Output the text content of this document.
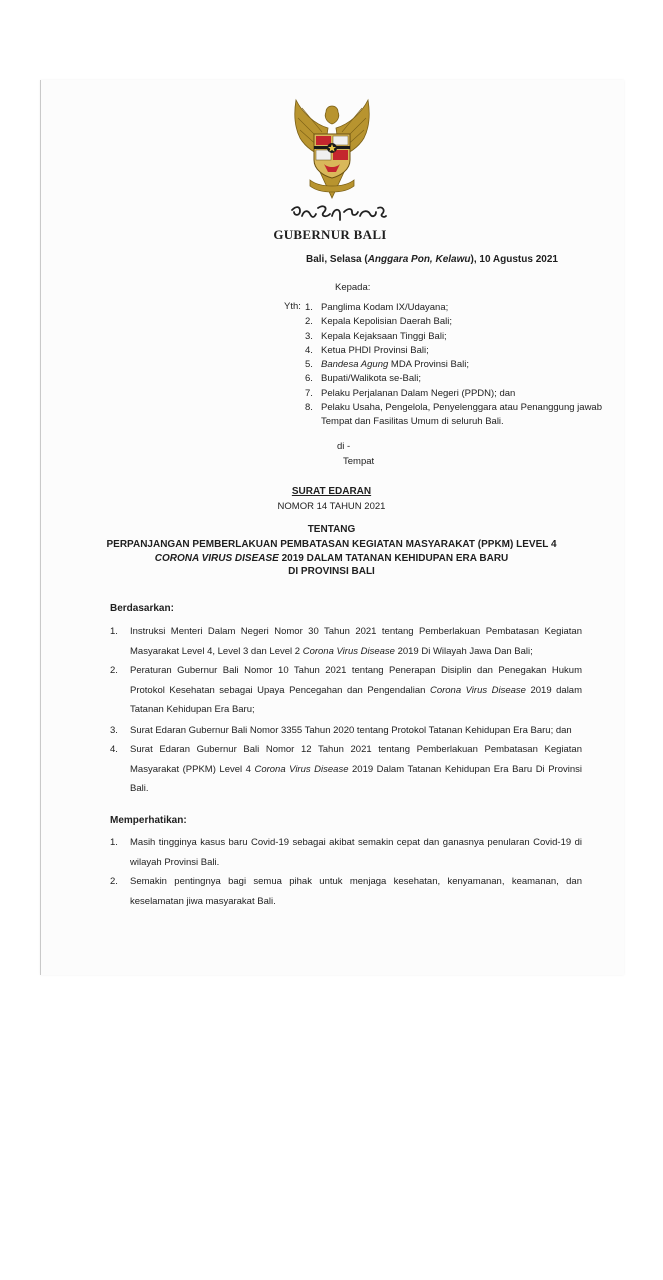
GUBERNUR BALI
Bali, Selasa (Anggara Pon, Kelawu), 10 Agustus 2021
Kepada:
Yth: 1. Panglima Kodam IX/Udayana;
2. Kepala Kepolisian Daerah Bali;
3. Kepala Kejaksaan Tinggi Bali;
4. Ketua PHDI Provinsi Bali;
5. Bandesa Agung MDA Provinsi Bali;
6. Bupati/Walikota se-Bali;
7. Pelaku Perjalanan Dalam Negeri (PPDN); dan
8. Pelaku Usaha, Pengelola, Penyelenggara atau Penanggung jawab Tempat dan Fasilitas Umum di seluruh Bali.
di -
Tempat
SURAT EDARAN
NOMOR 14 TAHUN 2021
TENTANG
PERPANJANGAN PEMBERLAKUAN PEMBATASAN KEGIATAN MASYARAKAT (PPKM) LEVEL 4
CORONA VIRUS DISEASE 2019 DALAM TATANAN KEHIDUPAN ERA BARU
DI PROVINSI BALI
Berdasarkan:
1.	Instruksi Menteri Dalam Negeri Nomor 30 Tahun 2021 tentang Pemberlakuan Pembatasan Kegiatan Masyarakat Level 4, Level 3 dan Level 2 Corona Virus Disease 2019 Di Wilayah Jawa Dan Bali;
2.	Peraturan Gubernur Bali Nomor 10 Tahun 2021 tentang Penerapan Disiplin dan Penegakan Hukum Protokol Kesehatan sebagai Upaya Pencegahan dan Pengendalian Corona Virus Disease 2019 dalam Tatanan Kehidupan Era Baru;
3.	Surat Edaran Gubernur Bali Nomor 3355 Tahun 2020 tentang Protokol Tatanan Kehidupan Era Baru; dan
4.	Surat Edaran Gubernur Bali Nomor 12 Tahun 2021 tentang Pemberlakuan Pembatasan Kegiatan Masyarakat (PPKM) Level 4 Corona Virus Disease 2019 Dalam Tatanan Kehidupan Era Baru Di Provinsi Bali.
Memperhatikan:
1.	Masih tingginya kasus baru Covid-19 sebagai akibat semakin cepat dan ganasnya penularan Covid-19 di wilayah Provinsi Bali.
2.	Semakin pentingnya bagi semua pihak untuk menjaga kesehatan, kenyamanan, keamanan, dan keselamatan jiwa masyarakat Bali.
